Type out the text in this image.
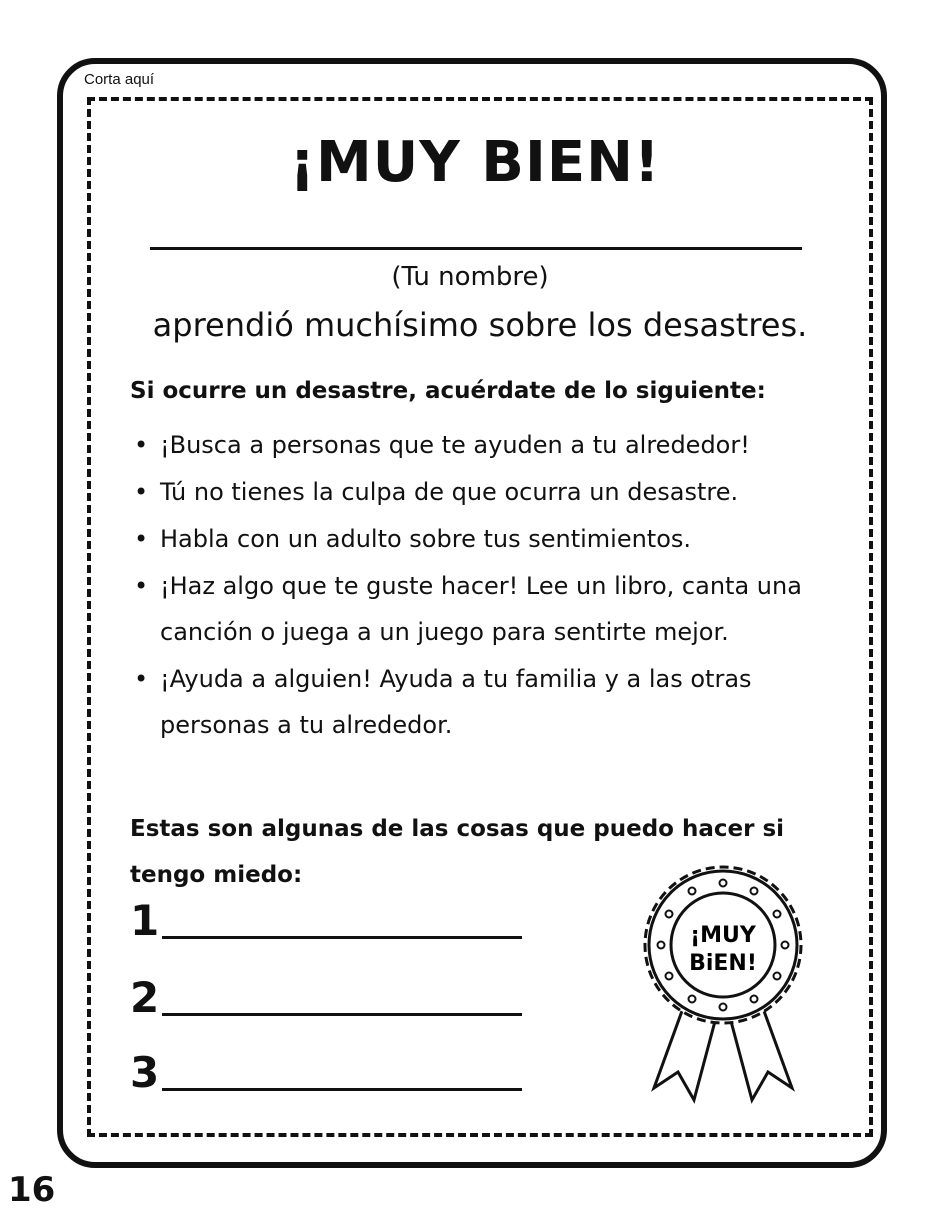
Corta aquí
¡MUY BIEN!
(Tu nombre)
aprendió muchísimo sobre los desastres.
Si ocurre un desastre, acuérdate de lo siguiente:
• ¡Busca a personas que te ayuden a tu alrededor!
• Tú no tienes la culpa de que ocurra un desastre.
• Habla con un adulto sobre tus sentimientos.
• ¡Haz algo que te guste hacer! Lee un libro, canta una canción o juega a un juego para sentirte mejor.
• ¡Ayuda a alguien! Ayuda a tu familia y a las otras personas a tu alrededor.
Estas son algunas de las cosas que puedo hacer si tengo miedo:
1
2
3
¡MUY
BiEN!
16
